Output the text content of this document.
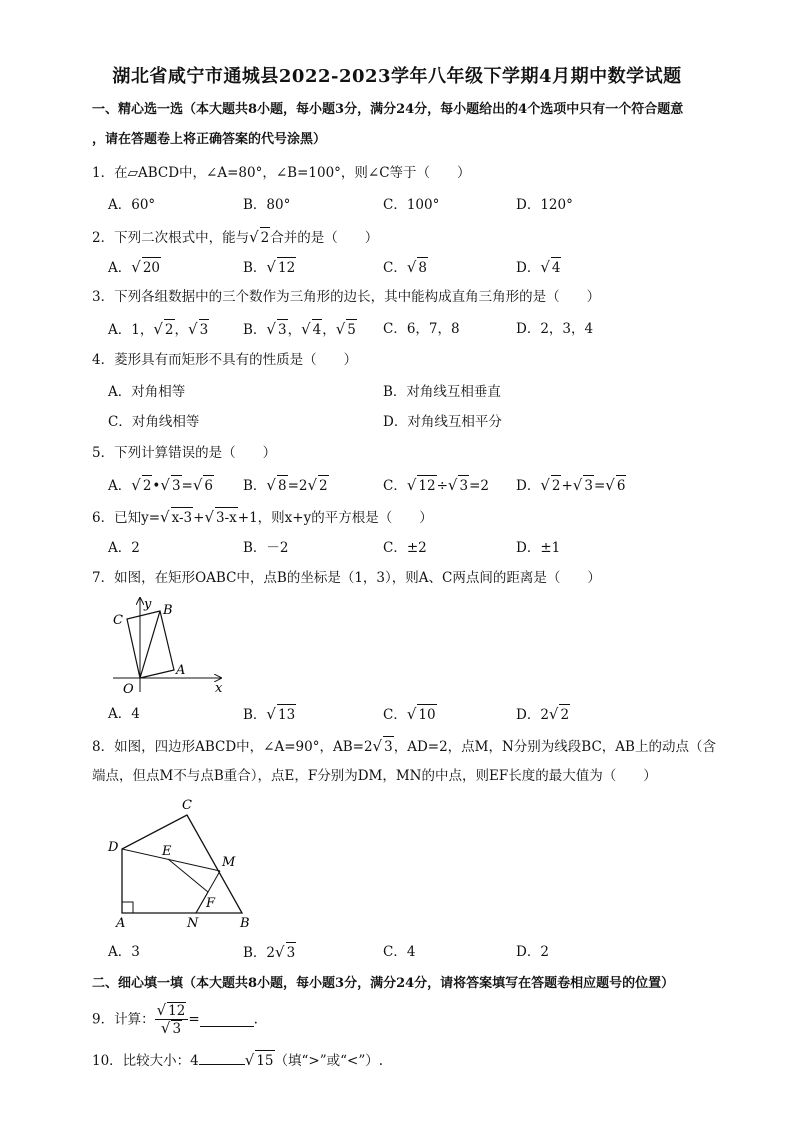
湖北省咸宁市通城县2022-2023学年八年级下学期4月期中数学试题
一、精心选一选（本大题共8小题，每小题3分，满分24分，每小题给出的4个选项中只有一个符合题意
，请在答题卷上将正确答案的代号涂黑）
1．在▱ABCD中，∠A=80°，∠B=100°，则∠C等于（　　）
A．60°	B．80°	C．100°	D．120°
2．下列二次根式中，能与√ 2合并的是（　　）
A．√ 20	B．√ 12	C．√ 8	D．√ 4
3．下列各组数据中的三个数作为三角形的边长，其中能构成直角三角形的是（　　）
A．1，√ 2，√ 3	B．√ 3，√ 4，√ 5 C．6，7，8	D．2，3，4
4．菱形具有而矩形不具有的性质是（　　）
A．对角相等	B．对角线互相垂直
C．对角线相等	D．对角线互相平分
5．下列计算错误的是（　　）
A．√ 2•√ 3=√ 6 B．√ 8=2√ 2	C．√ 12÷√ 3=2 D．√ 2+√ 3=√ 6
6．已知y=√ x-3+√ 3-x+1，则x+y的平方根是（　　）
A．2	B．－2	C．±2	D．±1
7．如图，在矩形OABC中，点B的坐标是（1，3），则A、C两点间的距离是（　　）
y
x
O
A
B
C
A．4	B．√ 13	C．√ 10	D．2√ 2
8．如图，四边形ABCD中，∠A=90°，AB=2√ 3，AD=2，点M，N分别为线段BC，AB上的动点（含
端点，但点M不与点B重合），点E，F分别为DM，MN的中点，则EF长度的最大值为（　　）
D
C
E
M
F
A	N	B
A．3	B．2√ 3	C．4	D．2
二、细心填一填（本大题共8小题，每小题3分，满分24分，请将答案填写在答题卷相应题号的位置）
9．计算： $\frac{√ 12}{√ 3}$ =	.
10．比较大小：4	√ 15（填“>”或“<”）.
